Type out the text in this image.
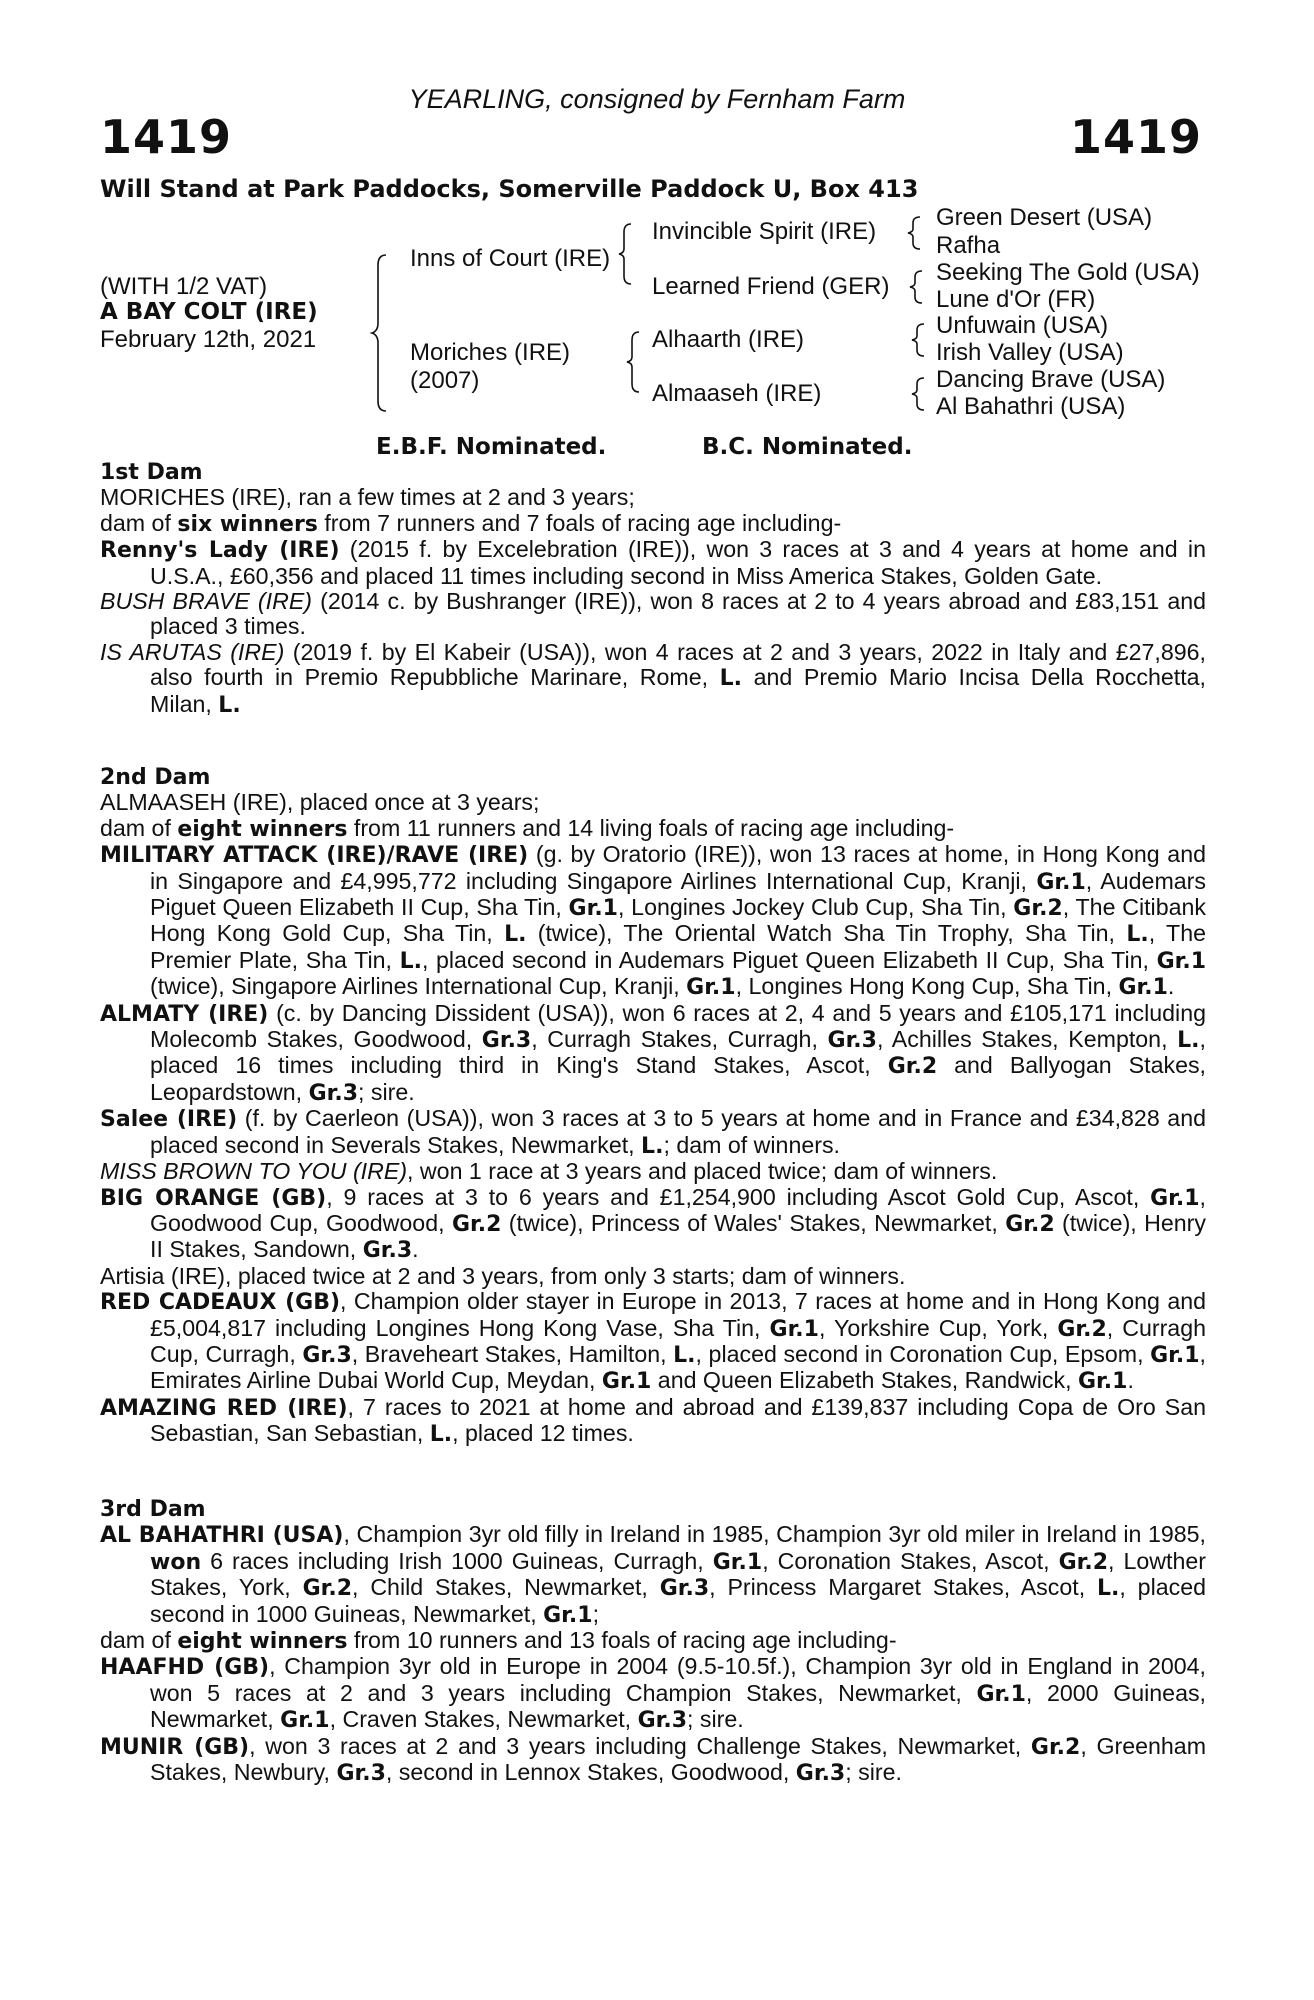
YEARLING, consigned by Fernham Farm
1419	1419
Will Stand at Park Paddocks, Somerville Paddock U, Box 413
(WITH 1/2 VAT)
A BAY COLT (IRE)
February 12th, 2021
Inns of Court (IRE)
Moriches (IRE)
(2007)
Invincible Spirit (IRE)
Learned Friend (GER)
Alhaarth (IRE)
Almaaseh (IRE)
Green Desert (USA)
Rafha
Seeking The Gold (USA)
Lune d'Or (FR)
Unfuwain (USA)
Irish Valley (USA)
Dancing Brave (USA)
Al Bahathri (USA)
E.B.F. Nominated.	B.C. Nominated.

1st Dam

MORICHES (IRE), ran a few times at 2 and 3 years;

dam of six winners from 7 runners and 7 foals of racing age including-

Renny's Lady (IRE) (2015 f. by Excelebration (IRE)), won 3 races at 3 and 4 years at home and in U.S.A., £60,356 and placed 11 times including second in Miss America Stakes, Golden Gate.

BUSH BRAVE (IRE) (2014 c. by Bushranger (IRE)), won 8 races at 2 to 4 years abroad and £83,151 and placed 3 times.

IS ARUTAS (IRE) (2019 f. by El Kabeir (USA)), won 4 races at 2 and 3 years, 2022 in Italy and £27,896, also fourth in Premio Repubbliche Marinare, Rome, L. and Premio Mario Incisa Della Rocchetta, Milan, L.

2nd Dam

ALMAASEH (IRE), placed once at 3 years;

dam of eight winners from 11 runners and 14 living foals of racing age including-

MILITARY ATTACK (IRE)/RAVE (IRE) (g. by Oratorio (IRE)), won 13 races at home, in Hong Kong and in Singapore and £4,995,772 including Singapore Airlines International Cup, Kranji, Gr.1, Audemars Piguet Queen Elizabeth II Cup, Sha Tin, Gr.1, Longines Jockey Club Cup, Sha Tin, Gr.2, The Citibank Hong Kong Gold Cup, Sha Tin, L. (twice), The Oriental Watch Sha Tin Trophy, Sha Tin, L., The Premier Plate, Sha Tin, L., placed second in Audemars Piguet Queen Elizabeth II Cup, Sha Tin, Gr.1 (twice), Singapore Airlines International Cup, Kranji, Gr.1, Longines Hong Kong Cup, Sha Tin, Gr.1.

ALMATY (IRE) (c. by Dancing Dissident (USA)), won 6 races at 2, 4 and 5 years and £105,171 including Molecomb Stakes, Goodwood, Gr.3, Curragh Stakes, Curragh, Gr.3, Achilles Stakes, Kempton, L., placed 16 times including third in King's Stand Stakes, Ascot, Gr.2 and Ballyogan Stakes, Leopardstown, Gr.3; sire.

Salee (IRE) (f. by Caerleon (USA)), won 3 races at 3 to 5 years at home and in France and £34,828 and placed second in Severals Stakes, Newmarket, L.; dam of winners.

MISS BROWN TO YOU (IRE), won 1 race at 3 years and placed twice; dam of winners.

BIG ORANGE (GB), 9 races at 3 to 6 years and £1,254,900 including Ascot Gold Cup, Ascot, Gr.1, Goodwood Cup, Goodwood, Gr.2 (twice), Princess of Wales' Stakes, Newmarket, Gr.2 (twice), Henry II Stakes, Sandown, Gr.3.

Artisia (IRE), placed twice at 2 and 3 years, from only 3 starts; dam of winners.

RED CADEAUX (GB), Champion older stayer in Europe in 2013, 7 races at home and in Hong Kong and £5,004,817 including Longines Hong Kong Vase, Sha Tin, Gr.1, Yorkshire Cup, York, Gr.2, Curragh Cup, Curragh, Gr.3, Braveheart Stakes, Hamilton, L., placed second in Coronation Cup, Epsom, Gr.1, Emirates Airline Dubai World Cup, Meydan, Gr.1 and Queen Elizabeth Stakes, Randwick, Gr.1.

AMAZING RED (IRE), 7 races to 2021 at home and abroad and £139,837 including Copa de Oro San Sebastian, San Sebastian, L., placed 12 times.

3rd Dam

AL BAHATHRI (USA), Champion 3yr old filly in Ireland in 1985, Champion 3yr old miler in Ireland in 1985, won 6 races including Irish 1000 Guineas, Curragh, Gr.1, Coronation Stakes, Ascot, Gr.2, Lowther Stakes, York, Gr.2, Child Stakes, Newmarket, Gr.3, Princess Margaret Stakes, Ascot, L., placed second in 1000 Guineas, Newmarket, Gr.1;

dam of eight winners from 10 runners and 13 foals of racing age including-

HAAFHD (GB), Champion 3yr old in Europe in 2004 (9.5-10.5f.), Champion 3yr old in England in 2004, won 5 races at 2 and 3 years including Champion Stakes, Newmarket, Gr.1, 2000 Guineas, Newmarket, Gr.1, Craven Stakes, Newmarket, Gr.3; sire.

MUNIR (GB), won 3 races at 2 and 3 years including Challenge Stakes, Newmarket, Gr.2, Greenham Stakes, Newbury, Gr.3, second in Lennox Stakes, Goodwood, Gr.3; sire.
